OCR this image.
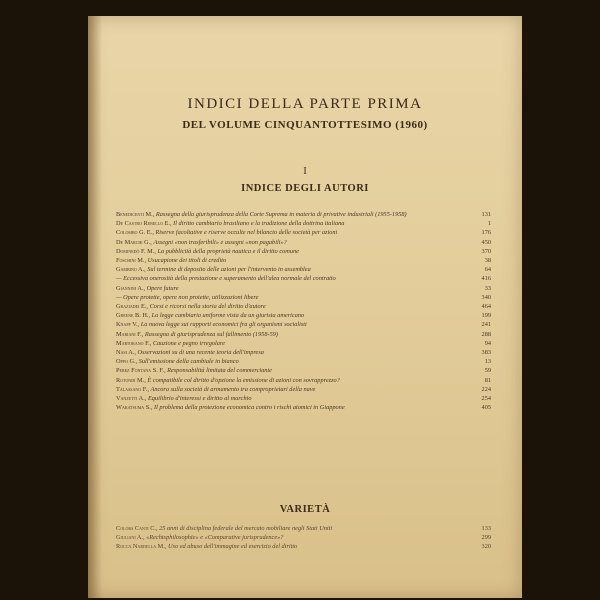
INDICI DELLA PARTE PRIMA
DEL VOLUME CINQUANTOTTESIMO (1960)
I
INDICE DEGLI AUTORI
Benedicenti M., Rassegna della giurisprudenza della Corte Suprema in materia di privative industriali (1955-1958)	131
De Castro Rebello E., Il diritto cambiario brasiliano e la tradizione della dottrina italiana	1
Colombo G. E., Riserve facoltative e riserve occulte nel bilancio delle società per azioni	176
De Marchi G., Assegni «non trasferibili» e assegni «non pagabili»?	450
Dominedò F. M., La pubblicità della proprietà nautica e il diritto comune	370
Foschini M., Usucapione dei titoli di credito	38
Gambino A., Sul termine di deposito delle azioni per l'intervento in assemblea	64
— Eccessiva onerosità della prestazione e superamento dell'alea normale del contratto	416
Giannini A., Opere future	33
— Opere protette, opere non protette, utilizzazioni libere	340
Graziadei E., Corsi e ricorsi nella storia del diritto d'autore	464
Greene B. H., La legge cambiaria uniforme vista da un giurista americano	199
Knapp V., La nuova legge sui rapporti economici fra gli organismi socialisti	241
Mariani F., Rassegna di giurisprudenza sul fallimento (1958-59)	288
Martorano F., Cauzione e pegno irregolare	94
Nasi A., Osservazioni su di una recente teoria dell'impresa	383
Oppo G., Sull'emissione della cambiale in bianco	13
Perez Fontana S. F., Responsabilità limitata del commerciante	59
Rotondi M., È compatibile col diritto d'opzione la emissione di azioni con sovrapprezzo?	81
Talassano F., Ancora sulla società di armamento tra comproprietari della nave	224
Vanzetti A., Equilibrio d'interessi e diritto al marchio	254
Wakatsuma S., Il problema della protezione economica contro i rischi atomici in Giappone	405
VARIETÀ
Colors Canti C., 25 anni di disciplina federale del mercato mobiliare negli Stati Uniti	133
Giuliani A., «Rechtsphilosophie» e «Comparative jurisprudence»?	299
Rocca Nardella M., Uso ed abuso dell'immagine ed esercizio del diritto	320
